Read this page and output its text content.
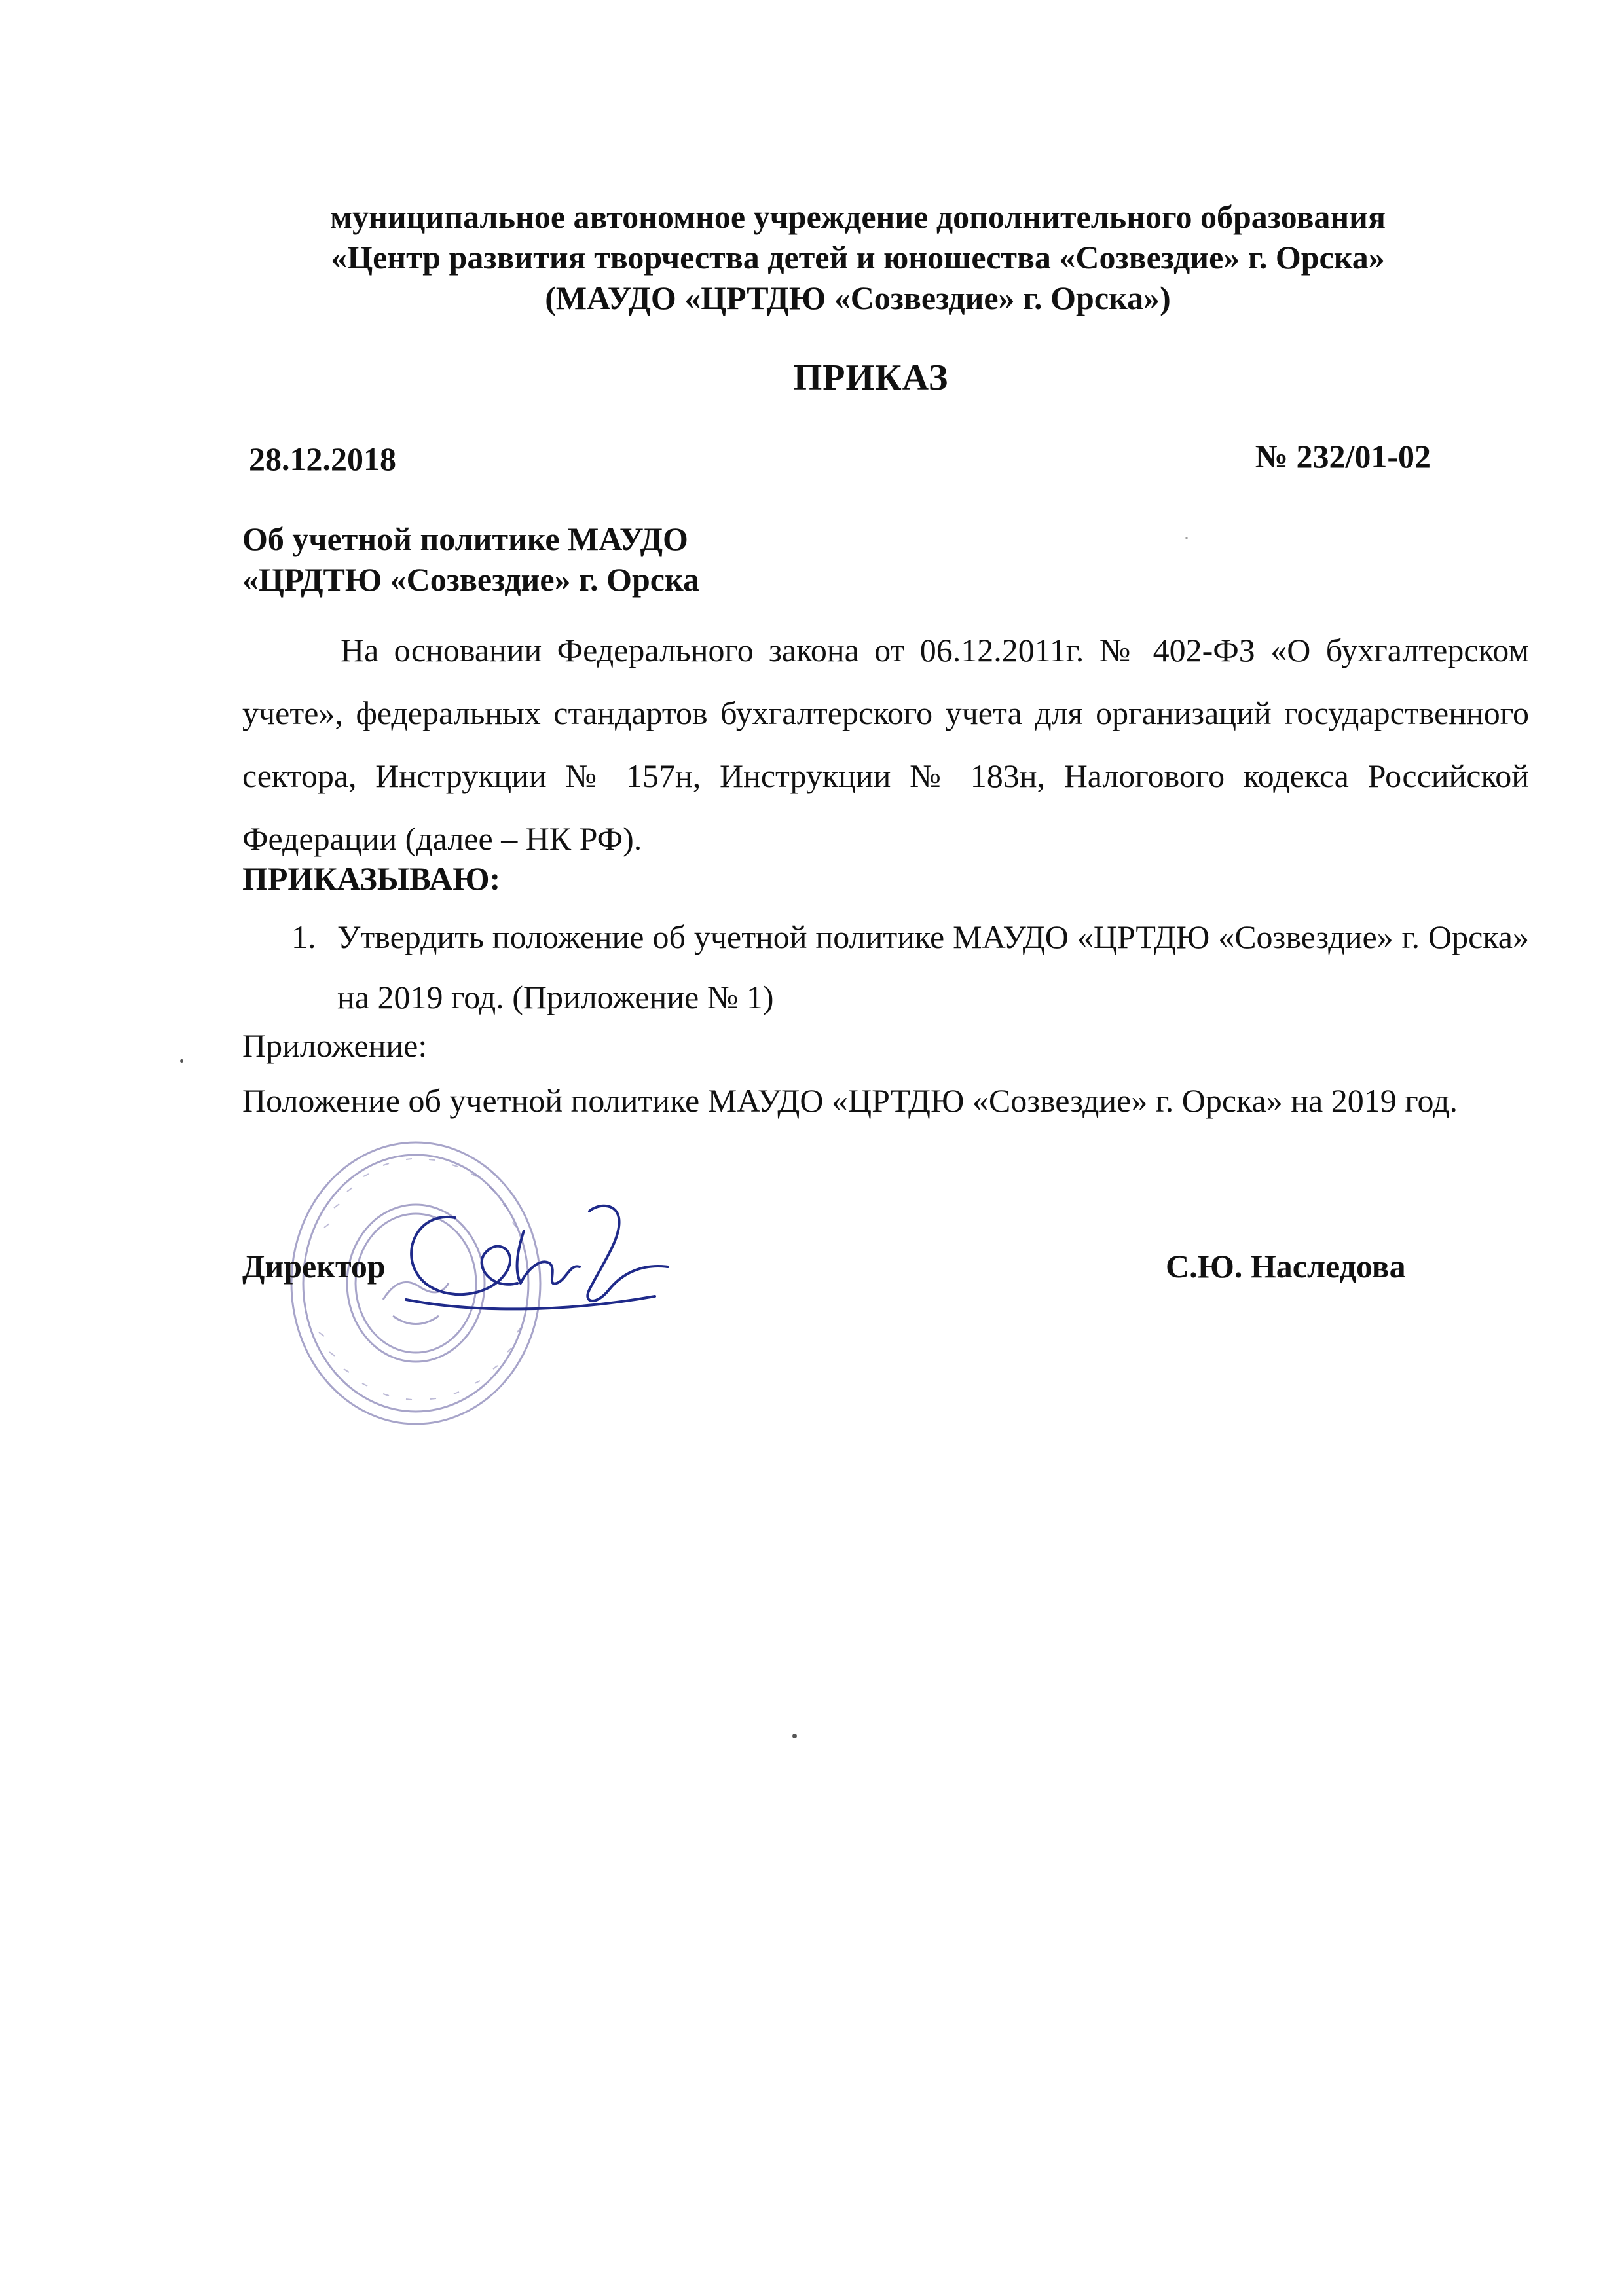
муниципальное автономное учреждение дополнительного образования
«Центр развития творчества детей и юношества «Созвездие» г. Орска»
(МАУДО «ЦРТДЮ «Созвездие» г. Орска»)
ПРИКАЗ
28.12.2018	№ 232/01-02
Об учетной политике МАУДО
«ЦРДТЮ «Созвездие» г. Орска
На основании Федерального закона от 06.12.2011г. № 402-ФЗ «О бухгалтерском учете», федеральных стандартов бухгалтерского учета для организаций государственного сектора, Инструкции № 157н, Инструкции № 183н, Налогового кодекса Российской Федерации (далее – НК РФ).
ПРИКАЗЫВАЮ:
1. Утвердить положение об учетной политике МАУДО «ЦРТДЮ «Созвездие» г. Орска» на 2019 год. (Приложение № 1)
Приложение:
Положение об учетной политике МАУДО «ЦРТДЮ «Созвездие» г. Орска» на 2019 год.
Директор	С.Ю. Наследова
